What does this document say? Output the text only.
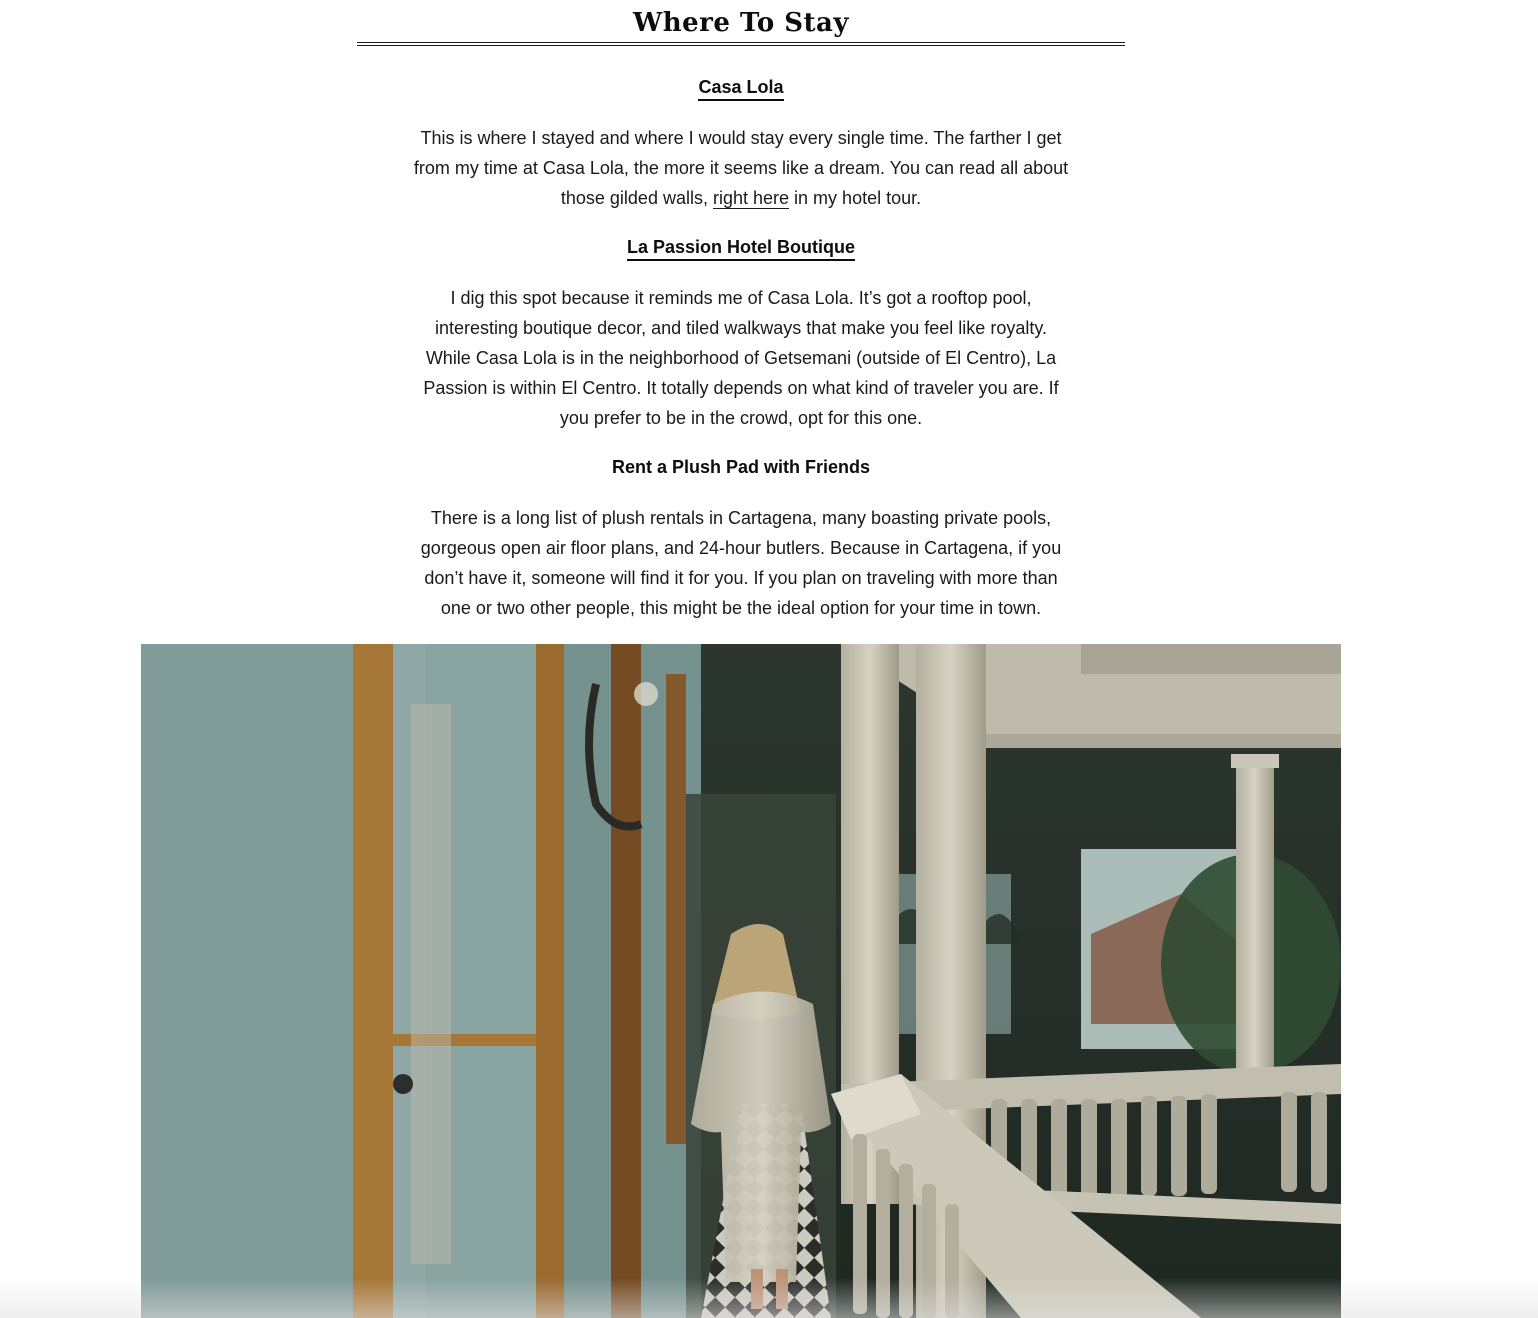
Where To Stay
Casa Lola

This is where I stayed and where I would stay every single time. The farther I get from my time at Casa Lola, the more it seems like a dream. You can read all about those gilded walls, right here in my hotel tour.

La Passion Hotel Boutique

I dig this spot because it reminds me of Casa Lola. It’s got a rooftop pool, interesting boutique decor, and tiled walkways that make you feel like royalty. While Casa Lola is in the neighborhood of Getsemani (outside of El Centro), La Passion is within El Centro. It totally depends on what kind of traveler you are. If you prefer to be in the crowd, opt for this one.

Rent a Plush Pad with Friends

There is a long list of plush rentals in Cartagena, many boasting private pools, gorgeous open air floor plans, and 24-hour butlers. Because in Cartagena, if you don’t have it, someone will find it for you. If you plan on traveling with more than one or two other people, this might be the ideal option for your time in town.
